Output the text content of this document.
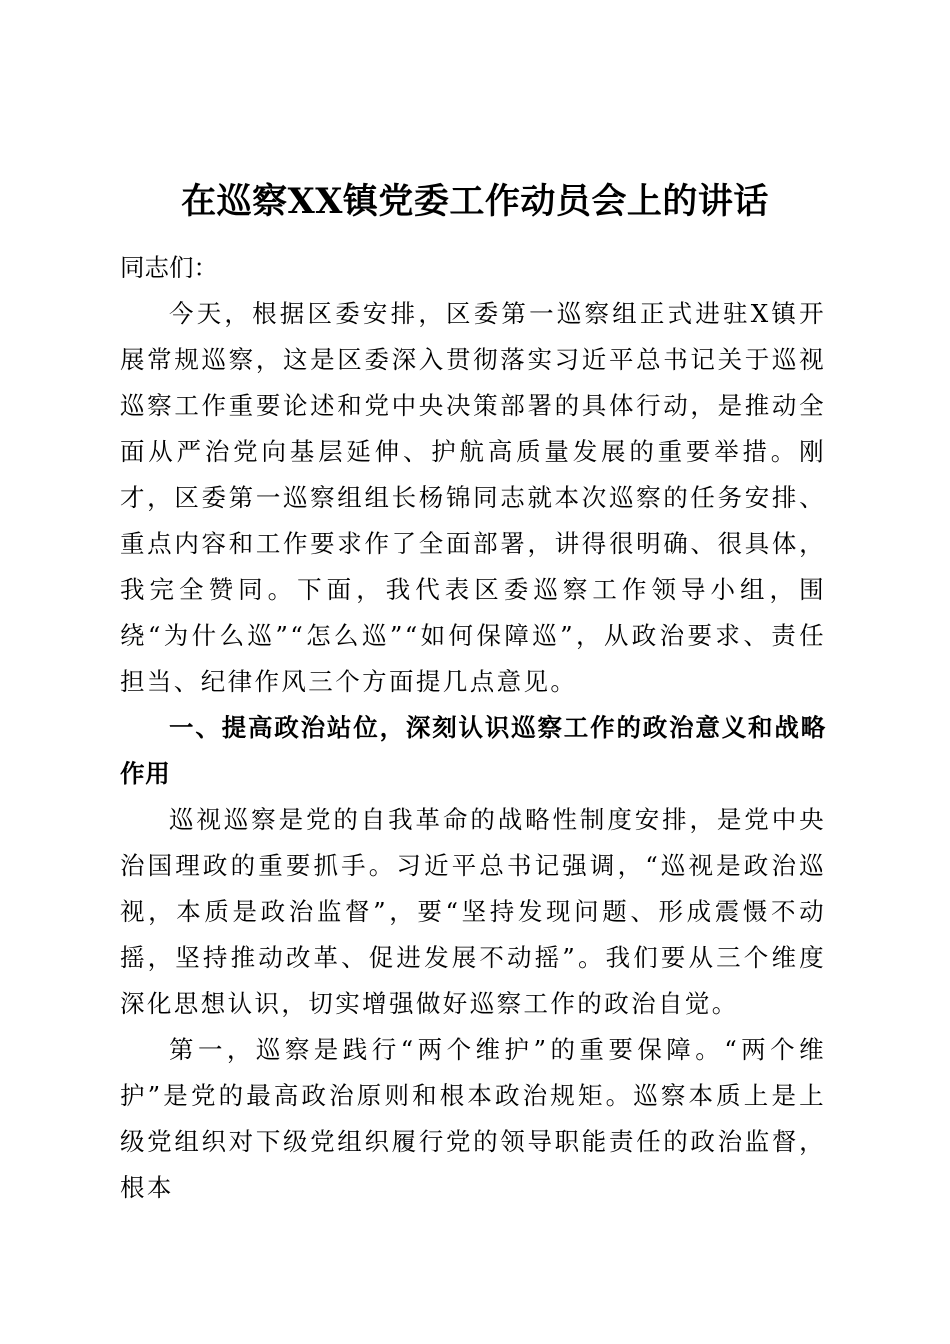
在巡察XX镇党委工作动员会上的讲话

同志们：

今天，根据区委安排，区委第一巡察组正式进驻X镇开展常规巡察，这是区委深入贯彻落实习近平总书记关于巡视巡察工作重要论述和党中央决策部署的具体行动，是推动全面从严治党向基层延伸、护航高质量发展的重要举措。刚才，区委第一巡察组组长杨锦同志就本次巡察的任务安排、重点内容和工作要求作了全面部署，讲得很明确、很具体，我完全赞同。下面，我代表区委巡察工作领导小组，围绕“为什么巡”“怎么巡”“如何保障巡”，从政治要求、责任担当、纪律作风三个方面提几点意见。

一、提高政治站位，深刻认识巡察工作的政治意义和战略作用

巡视巡察是党的自我革命的战略性制度安排，是党中央治国理政的重要抓手。习近平总书记强调，“巡视是政治巡视，本质是政治监督”，要“坚持发现问题、形成震慑不动摇，坚持推动改革、促进发展不动摇”。我们要从三个维度深化思想认识，切实增强做好巡察工作的政治自觉。

第一，巡察是践行“两个维护”的重要保障。“两个维护”是党的最高政治原则和根本政治规矩。巡察本质上是上级党组织对下级党组织履行党的领导职能责任的政治监督，根本
